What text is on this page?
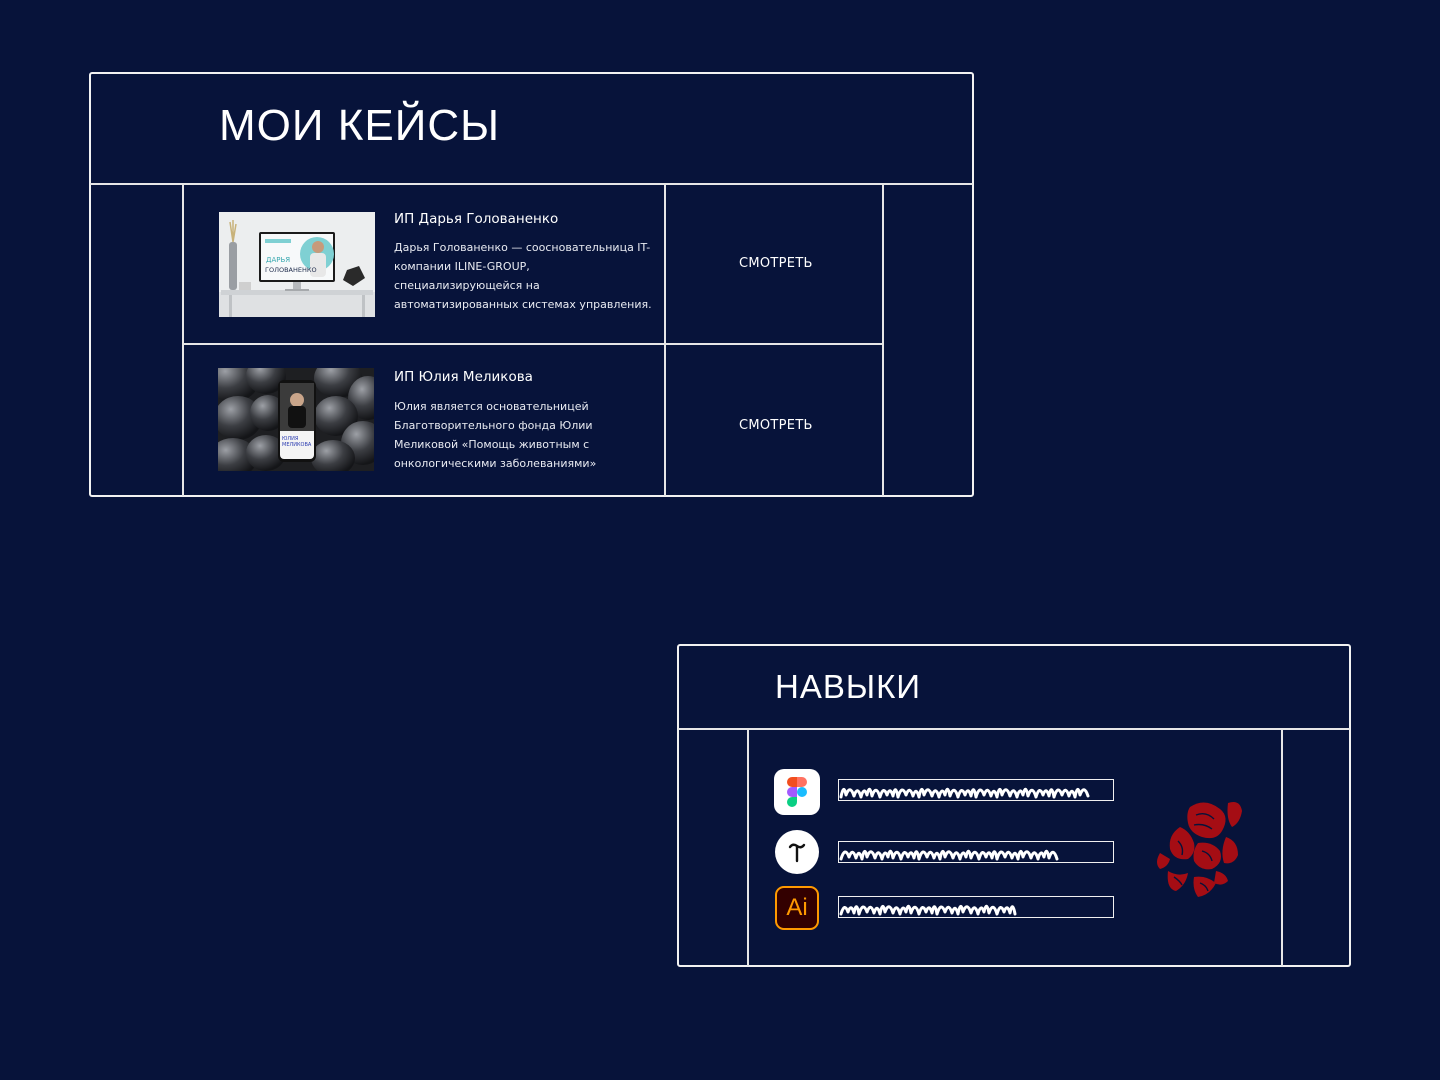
МОИ КЕЙСЫ
ДАРЬЯ
ГОЛОВАНЕНКО
ИП Дарья Голованенко
Дарья Голованенко — соосновательница IT-компании ILINE-GROUP, специализирующейся на автоматизированных системах управления.
СМОТРЕТЬ
ЮЛИЯ
МЕЛИКОВА
ИП Юлия Меликова
Юлия является основательницей Благотворительного фонда Юлии Меликовой «Помощь животным с онкологическими заболеваниями»
СМОТРЕТЬ
НАВЫКИ
Ai
